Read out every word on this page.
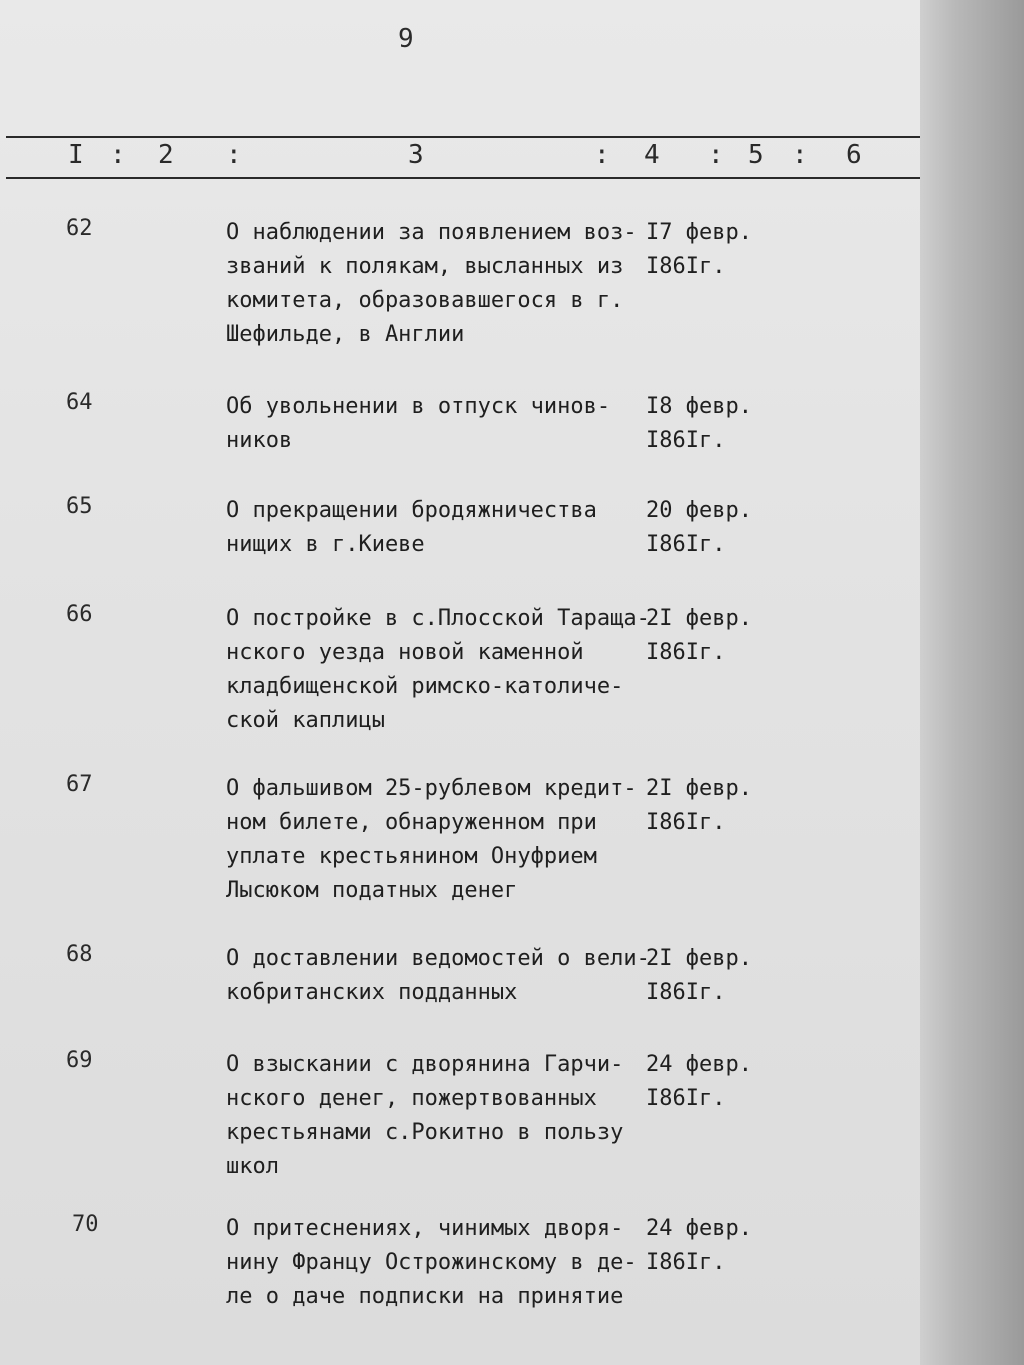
9
I : 2 :	3	: 4 : 5 : 6
62	О наблюдении за появлением воз-
званий к полякам, высланных из
комитета, образовавшегося в г.
Шефильде, в Англии
I7 февр.
I86Iг.
64	Об увольнении в отпуск чинов-
ников
I8 февр.
I86Iг.
65	О прекращении бродяжничества
нищих в г.Киеве
20 февр.
I86Iг.
66	О постройке в с.Плосской Тараща-
нского уезда новой каменной
кладбищенской римско-католиче-
ской каплицы
2I февр.
I86Iг.
67	О фальшивом 25-рублевом кредит-
ном билете, обнаруженном при
уплате крестьянином Онуфрием
Лысюком податных денег
2I февр.
I86Iг.
68	О доставлении ведомостей о вели-
кобританских подданных
2I февр.
I86Iг.
69	О взыскании с дворянина Гарчи-
нского денег, пожертвованных
крестьянами с.Рокитно в пользу
школ
24 февр.
I86Iг.
70	О притеснениях, чинимых дворя-
нину Францу Острожинскому в де-
ле о даче подписки на принятие
24 февр.
I86Iг.
